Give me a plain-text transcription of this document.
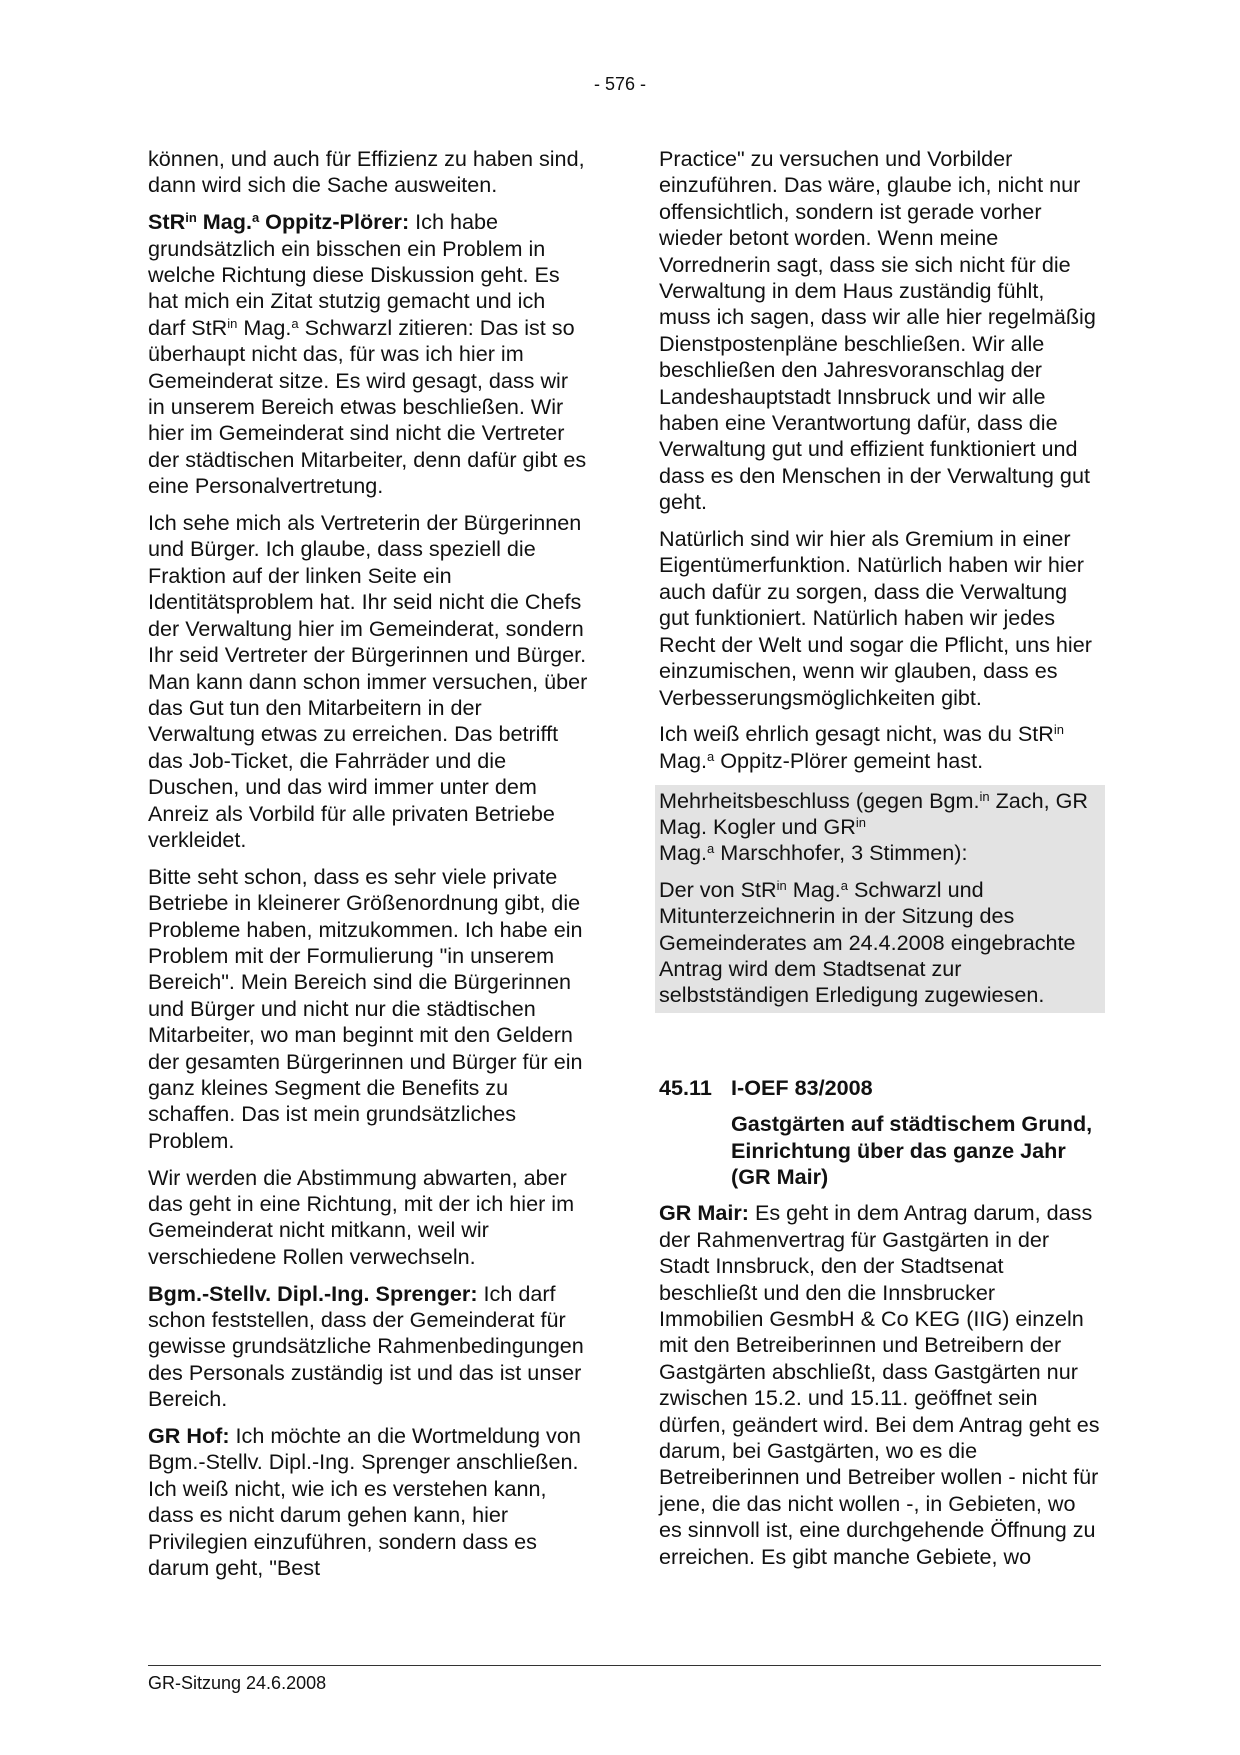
- 576 -

können, und auch für Effizienz zu haben sind, dann wird sich die Sache ausweiten.

StR$^{in}$ Mag.$^a$ Oppitz-Plörer: Ich habe grundsätzlich ein bisschen ein Problem in welche Richtung diese Diskussion geht. Es hat mich ein Zitat stutzig gemacht und ich darf StR$^{in}$ Mag.$^a$ Schwarzl zitieren: Das ist so überhaupt nicht das, für was ich hier im Gemeinderat sitze. Es wird gesagt, dass wir in unserem Bereich etwas beschließen. Wir hier im Gemeinderat sind nicht die Vertreter der städtischen Mitarbeiter, denn dafür gibt es eine Personalvertretung.

Ich sehe mich als Vertreterin der Bürgerinnen und Bürger. Ich glaube, dass speziell die Fraktion auf der linken Seite ein Identitätsproblem hat. Ihr seid nicht die Chefs der Verwaltung hier im Gemeinderat, sondern Ihr seid Vertreter der Bürgerinnen und Bürger. Man kann dann schon immer versuchen, über das Gut tun den Mitarbeitern in der Verwaltung etwas zu erreichen. Das betrifft das Job-Ticket, die Fahrräder und die Duschen, und das wird immer unter dem Anreiz als Vorbild für alle privaten Betriebe verkleidet.

Bitte seht schon, dass es sehr viele private Betriebe in kleinerer Größenordnung gibt, die Probleme haben, mitzukommen. Ich habe ein Problem mit der Formulierung "in unserem Bereich". Mein Bereich sind die Bürgerinnen und Bürger und nicht nur die städtischen Mitarbeiter, wo man beginnt mit den Geldern der gesamten Bürgerinnen und Bürger für ein ganz kleines Segment die Benefits zu schaffen. Das ist mein grundsätzliches Problem.

Wir werden die Abstimmung abwarten, aber das geht in eine Richtung, mit der ich hier im Gemeinderat nicht mitkann, weil wir verschiedene Rollen verwechseln.

Bgm.-Stellv. Dipl.-Ing. Sprenger: Ich darf schon feststellen, dass der Gemeinderat für gewisse grundsätzliche Rahmenbedingungen des Personals zuständig ist und das ist unser Bereich.

GR Hof: Ich möchte an die Wortmeldung von Bgm.-Stellv. Dipl.-Ing. Sprenger anschließen. Ich weiß nicht, wie ich es verstehen kann, dass es nicht darum gehen kann, hier Privilegien einzuführen, sondern dass es darum geht, "Best

Practice" zu versuchen und Vorbilder einzuführen. Das wäre, glaube ich, nicht nur offensichtlich, sondern ist gerade vorher wieder betont worden. Wenn meine Vorrednerin sagt, dass sie sich nicht für die Verwaltung in dem Haus zuständig fühlt, muss ich sagen, dass wir alle hier regelmäßig Dienstpostenpläne beschließen. Wir alle beschließen den Jahresvoranschlag der Landeshauptstadt Innsbruck und wir alle haben eine Verantwortung dafür, dass die Verwaltung gut und effizient funktioniert und dass es den Menschen in der Verwaltung gut geht.

Natürlich sind wir hier als Gremium in einer Eigentümerfunktion. Natürlich haben wir hier auch dafür zu sorgen, dass die Verwaltung gut funktioniert. Natürlich haben wir jedes Recht der Welt und sogar die Pflicht, uns hier einzumischen, wenn wir glauben, dass es Verbesserungsmöglichkeiten gibt.

Ich weiß ehrlich gesagt nicht, was du StR$^{in}$ Mag.$^a$ Oppitz-Plörer gemeint hast.

Mehrheitsbeschluss (gegen Bgm.$^{in}$ Zach, GR Mag. Kogler und $GR^{in}$
Mag.$^a$ Marschhofer, 3 Stimmen):

Der von StR$^{in}$ Mag.$^a$ Schwarzl und Mitunterzeichnerin in der Sitzung des Gemeinderates am 24.4.2008 eingebrachte Antrag wird dem Stadtsenat zur selbstständigen Erledigung zugewiesen.

45.11 I-OEF 83/2008
Gastgärten auf städtischem Grund, Einrichtung über das ganze Jahr (GR Mair)

GR Mair: Es geht in dem Antrag darum, dass der Rahmenvertrag für Gastgärten in der Stadt Innsbruck, den der Stadtsenat beschließt und den die Innsbrucker Immobilien GesmbH & Co KEG (IIG) einzeln mit den Betreiberinnen und Betreibern der Gastgärten abschließt, dass Gastgärten nur zwischen 15.2. und 15.11. geöffnet sein dürfen, geändert wird. Bei dem Antrag geht es darum, bei Gastgärten, wo es die Betreiberinnen und Betreiber wollen - nicht für jene, die das nicht wollen -, in Gebieten, wo es sinnvoll ist, eine durchgehende Öffnung zu erreichen. Es gibt manche Gebiete, wo

GR-Sitzung 24.6.2008
